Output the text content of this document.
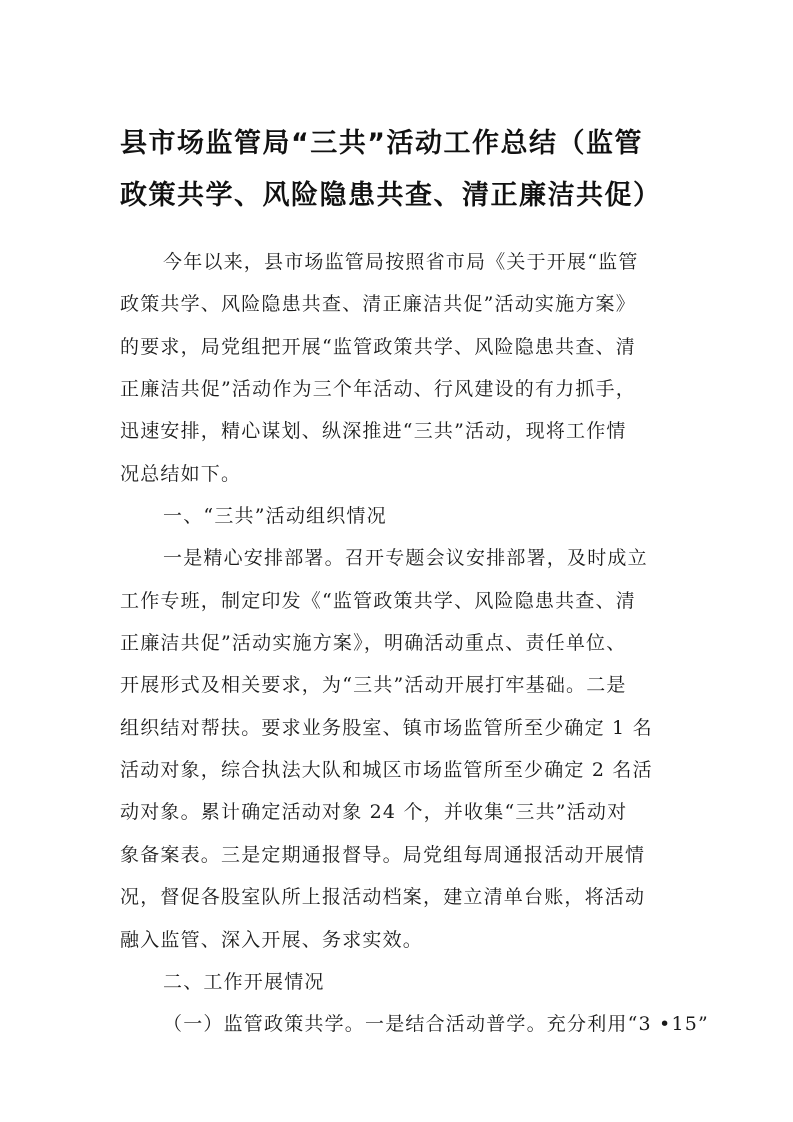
县市场监管局“三共”活动工作总结（监管
政策共学、风险隐患共查、清正廉洁共促）
今年以来，县市场监管局按照省市局《关于开展“监管
政策共学、风险隐患共查、清正廉洁共促”活动实施方案》
的要求，局党组把开展“监管政策共学、风险隐患共查、清
正廉洁共促”活动作为三个年活动、行风建设的有力抓手，
迅速安排，精心谋划、纵深推进“三共”活动，现将工作情
况总结如下。
一、“三共”活动组织情况
一是精心安排部署。召开专题会议安排部署，及时成立
工作专班，制定印发《“监管政策共学、风险隐患共查、清
正廉洁共促”活动实施方案》，明确活动重点、责任单位、
开展形式及相关要求，为“三共”活动开展打牢基础。二是
组织结对帮扶。要求业务股室、镇市场监管所至少确定 1 名
活动对象，综合执法大队和城区市场监管所至少确定 2 名活
动对象。累计确定活动对象 24 个，并收集“三共”活动对
象备案表。三是定期通报督导。局党组每周通报活动开展情
况，督促各股室队所上报活动档案，建立清单台账，将活动
融入监管、深入开展、务求实效。
二、工作开展情况
（一）监管政策共学。一是结合活动普学。充分利用“3 •15”
